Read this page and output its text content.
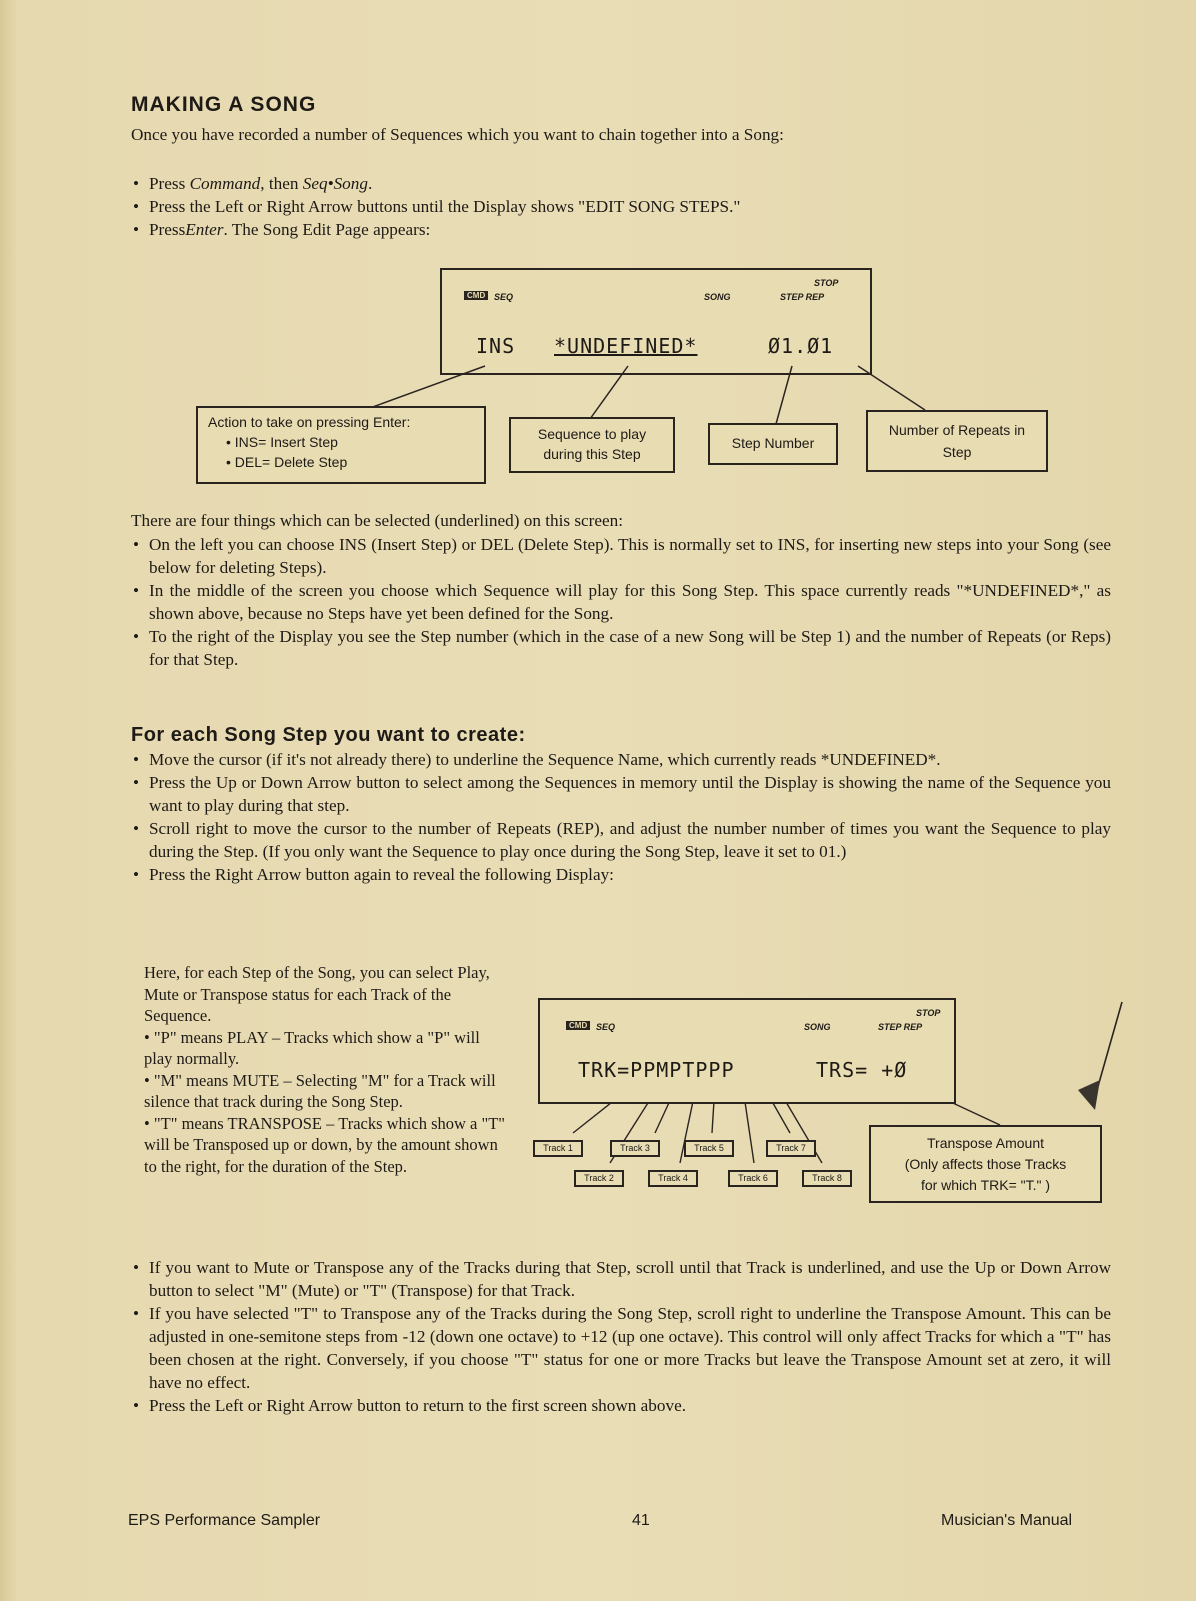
MAKING A SONG
Once you have recorded a number of Sequences which you want to chain together into a Song:
• Press Command, then Seq•Song.
• Press the Left or Right Arrow buttons until the Display shows "EDIT SONG STEPS."
• PressEnter. The Song Edit Page appears:
CMD SEQ	SONG
STOP
STEP REP
INS *UNDEFINED*	Ø1.Ø1
Action to take on pressing Enter:
• INS= Insert Step
• DEL= Delete Step
Sequence to play during this Step
Step Number
Number of Repeats in Step
There are four things which can be selected (underlined) on this screen:
• On the left you can choose INS (Insert Step) or DEL (Delete Step). This is normally set to INS, for inserting new steps into your Song (see below for deleting Steps).
• In the middle of the screen you choose which Sequence will play for this Song Step. This space currently reads "*UNDEFINED*," as shown above, because no Steps have yet been defined for the Song.
• To the right of the Display you see the Step number (which in the case of a new Song will be Step 1) and the number of Repeats (or Reps) for that Step.
For each Song Step you want to create:
• Move the cursor (if it's not already there) to underline the Sequence Name, which currently reads *UNDEFINED*.
• Press the Up or Down Arrow button to select among the Sequences in memory until the Display is showing the name of the Sequence you want to play during that step.
• Scroll right to move the cursor to the number of Repeats (REP), and adjust the number number of times you want the Sequence to play during the Step. (If you only want the Sequence to play once during the Song Step, leave it set to 01.)
• Press the Right Arrow button again to reveal the following Display:
Here, for each Step of the Song, you can select Play, Mute or Transpose status for each Track of the Sequence.
• "P" means PLAY – Tracks which show a "P" will play normally.
• "M" means MUTE – Selecting "M" for a Track will silence that track during the Song Step.
• "T" means TRANSPOSE – Tracks which show a "T" will be Transposed up or down, by the amount shown to the right, for the duration of the Step.
CMD SEQ	SONG
STOP
STEP REP
TRK=PPMPTPPP	TRS= +Ø
Track 1
Track 2
Track 3
Track 4
Track 5
Track 6
Track 7
Track 8
Transpose Amount
(Only affects those Tracks
for which TRK= "T." )
• If you want to Mute or Transpose any of the Tracks during that Step, scroll until that Track is underlined, and use the Up or Down Arrow button to select "M" (Mute) or "T" (Transpose) for that Track.
• If you have selected "T" to Transpose any of the Tracks during the Song Step, scroll right to underline the Transpose Amount. This can be adjusted in one-semitone steps from -12 (down one octave) to +12 (up one octave). This control will only affect Tracks for which a "T" has been chosen at the right. Conversely, if you choose "T" status for one or more Tracks but leave the Transpose Amount set at zero, it will have no effect.
• Press the Left or Right Arrow button to return to the first screen shown above.
EPS Performance Sampler	41	Musician's Manual
